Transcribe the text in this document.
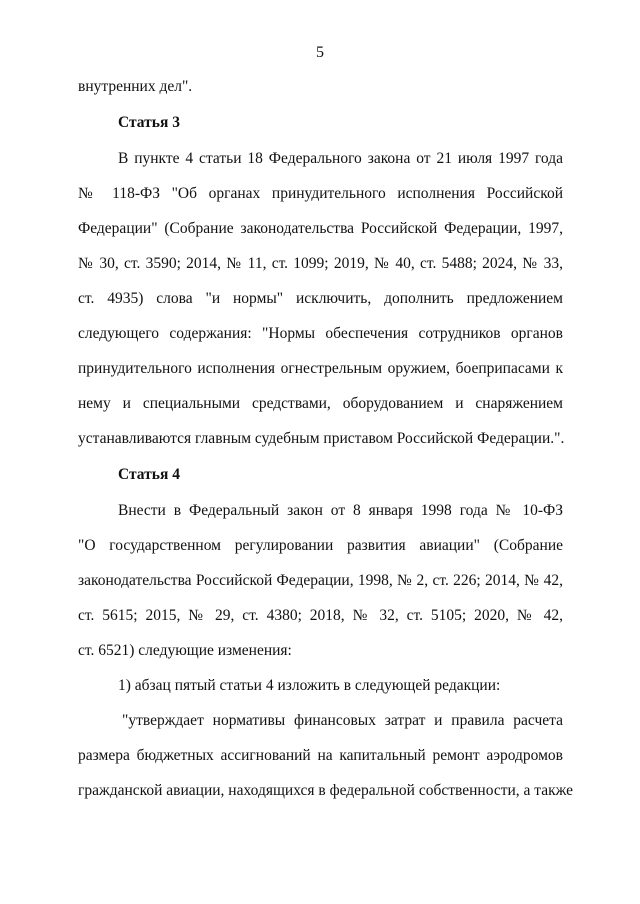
5
внутренних дел".
Статья 3
В пункте 4 статьи 18 Федерального закона от 21 июля 1997 года
№ 118-ФЗ "Об органах принудительного исполнения Российской
Федерации" (Собрание законодательства Российской Федерации, 1997,
№ 30, ст. 3590; 2014, № 11, ст. 1099; 2019, № 40, ст. 5488; 2024, № 33,
ст. 4935) слова "и нормы" исключить, дополнить предложением
следующего содержания: "Нормы обеспечения сотрудников органов
принудительного исполнения огнестрельным оружием, боеприпасами к
нему и специальными средствами, оборудованием и снаряжением
устанавливаются главным судебным приставом Российской Федерации.".
Статья 4
Внести в Федеральный закон от 8 января 1998 года № 10-ФЗ
"О государственном регулировании развития авиации" (Собрание
законодательства Российской Федерации, 1998, № 2, ст. 226; 2014, № 42,
ст. 5615; 2015, № 29, ст. 4380; 2018, № 32, ст. 5105; 2020, № 42,
ст. 6521) следующие изменения:
1) абзац пятый статьи 4 изложить в следующей редакции:
"утверждает нормативы финансовых затрат и правила расчета
размера бюджетных ассигнований на капитальный ремонт аэродромов
гражданской авиации, находящихся в федеральной собственности, а также
